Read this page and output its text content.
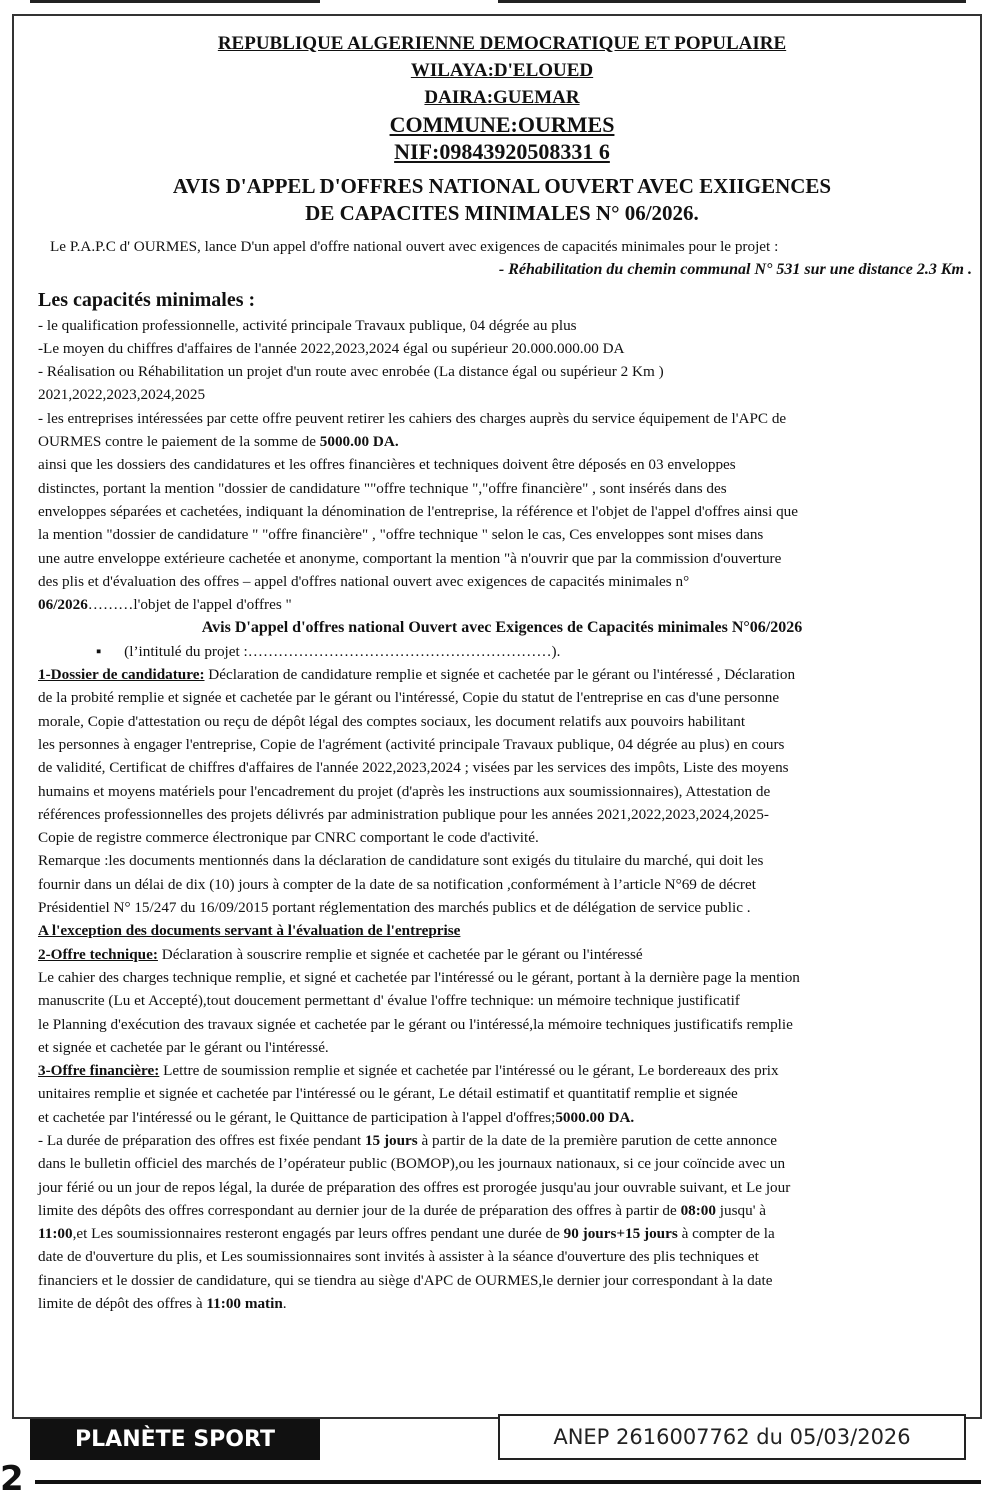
REPUBLIQUE ALGERIENNE DEMOCRATIQUE ET POPULAIRE
WILAYA:D'ELOUED
DAIRA:GUEMAR
COMMUNE:OURMES
NIF:09843920508331 6
AVIS D'APPEL D'OFFRES NATIONAL OUVERT AVEC EXIIGENCES
DE CAPACITES MINIMALES N° 06/2026.

Le P.A.P.C d' OURMES, lance D'un appel d'offre national ouvert avec exigences de capacités minimales pour le projet :

- Réhabilitation du chemin communal N° 531 sur une distance 2.3 Km .

Les capacités minimales :

- le qualification professionnelle, activité principale Travaux publique, 04 dégrée au plus

-Le moyen du chiffres d'affaires de l'année 2022,2023,2024 égal ou supérieur 20.000.000.00 DA

- Réalisation ou Réhabilitation un projet d'un route avec enrobée (La distance égal ou supérieur 2 Km )

2021,2022,2023,2024,2025

- les entreprises intéressées par cette offre peuvent retirer les cahiers des charges auprès du service équipement de l'APC de

OURMES contre le paiement de la somme de 5000.00 DA.

ainsi que les dossiers des candidatures et les offres financières et techniques doivent être déposés en 03 enveloppes

distinctes, portant la mention "dossier de candidature ""offre technique ","offre financière" , sont insérés dans des

enveloppes séparées et cachetées, indiquant la dénomination de l'entreprise, la référence et l'objet de l'appel d'offres ainsi que

la mention "dossier de candidature " "offre financière" , "offre technique " selon le cas, Ces enveloppes sont mises dans

une autre enveloppe extérieure cachetée et anonyme, comportant la mention "à n'ouvrir que par la commission d'ouverture

des plis et d'évaluation des offres – appel d'offres national ouvert avec exigences de capacités minimales n°

06/2026………l'objet de l'appel d'offres "

Avis D'appel d'offres national Ouvert avec Exigences de Capacités minimales N°06/2026

▪ (l’intitulé du projet :……………………………………………………).

1-Dossier de candidature: Déclaration de candidature remplie et signée et cachetée par le gérant ou l'intéressé , Déclaration

de la probité remplie et signée et cachetée par le gérant ou l'intéressé, Copie du statut de l'entreprise en cas d'une personne

morale, Copie d'attestation ou reçu de dépôt légal des comptes sociaux, les document relatifs aux pouvoirs habilitant

les personnes à engager l'entreprise, Copie de l'agrément (activité principale Travaux publique, 04 dégrée au plus) en cours

de validité, Certificat de chiffres d'affaires de l'année 2022,2023,2024 ; visées par les services des impôts, Liste des moyens

humains et moyens matériels pour l'encadrement du projet (d'après les instructions aux soumissionnaires), Attestation de

références professionnelles des projets délivrés par administration publique pour les années 2021,2022,2023,2024,2025-

Copie de registre commerce électronique par CNRC comportant le code d'activité.

Remarque :les documents mentionnés dans la déclaration de candidature sont exigés du titulaire du marché, qui doit les

fournir dans un délai de dix (10) jours à compter de la date de sa notification ,conformément à l’article N°69 de décret

Présidentiel N° 15/247 du 16/09/2015 portant réglementation des marchés publics et de délégation de service public .

A l'exception des documents servant à l'évaluation de l'entreprise

2-Offre technique: Déclaration à souscrire remplie et signée et cachetée par le gérant ou l'intéressé

Le cahier des charges technique remplie, et signé et cachetée par l'intéressé ou le gérant, portant à la dernière page la mention

manuscrite (Lu et Accepté),tout doucement permettant d' évalue l'offre technique: un mémoire technique justificatif

le Planning d'exécution des travaux signée et cachetée par le gérant ou l'intéressé,la mémoire techniques justificatifs remplie

et signée et cachetée par le gérant ou l'intéressé.

3-Offre financière: Lettre de soumission remplie et signée et cachetée par l'intéressé ou le gérant, Le bordereaux des prix

unitaires remplie et signée et cachetée par l'intéressé ou le gérant, Le détail estimatif et quantitatif remplie et signée

et cachetée par l'intéressé ou le gérant, le Quittance de participation à l'appel d'offres;5000.00 DA.

- La durée de préparation des offres est fixée pendant 15 jours à partir de la date de la première parution de cette annonce

dans le bulletin officiel des marchés de l’opérateur public (BOMOP),ou les journaux nationaux, si ce jour coïncide avec un

jour férié ou un jour de repos légal, la durée de préparation des offres est prorogée jusqu'au jour ouvrable suivant, et Le jour

limite des dépôts des offres correspondant au dernier jour de la durée de préparation des offres à partir de 08:00 jusqu' à

11:00,et Les soumissionnaires resteront engagés par leurs offres pendant une durée de 90 jours+15 jours à compter de la

date de d'ouverture du plis, et Les soumissionnaires sont invités à assister à la séance d'ouverture des plis techniques et

financiers et le dossier de candidature, qui se tiendra au siège d'APC de OURMES,le dernier jour correspondant à la date

limite de dépôt des offres à 11:00 matin.

PLANÈTE SPORT	ANEP 2616007762 du 05/03/2026
2
